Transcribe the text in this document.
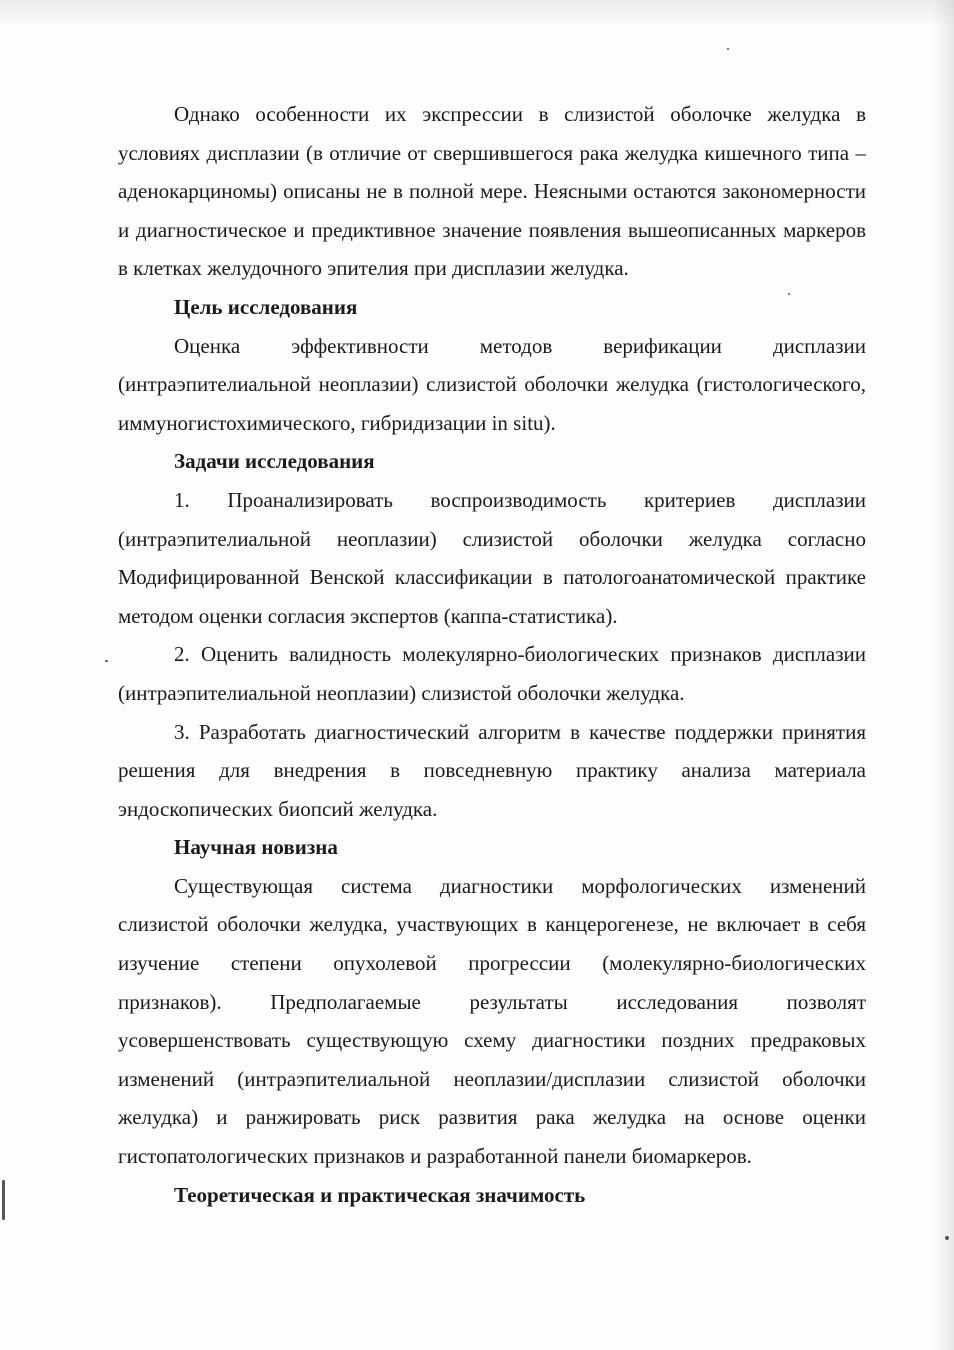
Однако особенности их экспрессии в слизистой оболочке желудка в условиях дисплазии (в отличие от свершившегося рака желудка кишечного типа – аденокарциномы) описаны не в полной мере. Неясными остаются закономерности и диагностическое и предиктивное значение появления вышеописанных маркеров в клетках желудочного эпителия при дисплазии желудка.

Цель исследования

Оценка эффективности методов верификации дисплазии (интраэпителиальной неоплазии) слизистой оболочки желудка (гистологического, иммуногистохимического, гибридизации in situ).

Задачи исследования

1. Проанализировать воспроизводимость критериев дисплазии (интраэпителиальной неоплазии) слизистой оболочки желудка согласно Модифицированной Венской классификации в патологоанатомической практике методом оценки согласия экспертов (каппа-статистика).

2. Оценить валидность молекулярно-биологических признаков дисплазии (интраэпителиальной неоплазии) слизистой оболочки желудка.

3. Разработать диагностический алгоритм в качестве поддержки принятия решения для внедрения в повседневную практику анализа материала эндоскопических биопсий желудка.

Научная новизна

Существующая система диагностики морфологических изменений слизистой оболочки желудка, участвующих в канцерогенезе, не включает в себя изучение степени опухолевой прогрессии (молекулярно-биологических признаков). Предполагаемые результаты исследования позволят усовершенствовать существующую схему диагностики поздних предраковых изменений (интраэпителиальной неоплазии/дисплазии слизистой оболочки желудка) и ранжировать риск развития рака желудка на основе оценки гистопатологических признаков и разработанной панели биомаркеров.

Теоретическая и практическая значимость
